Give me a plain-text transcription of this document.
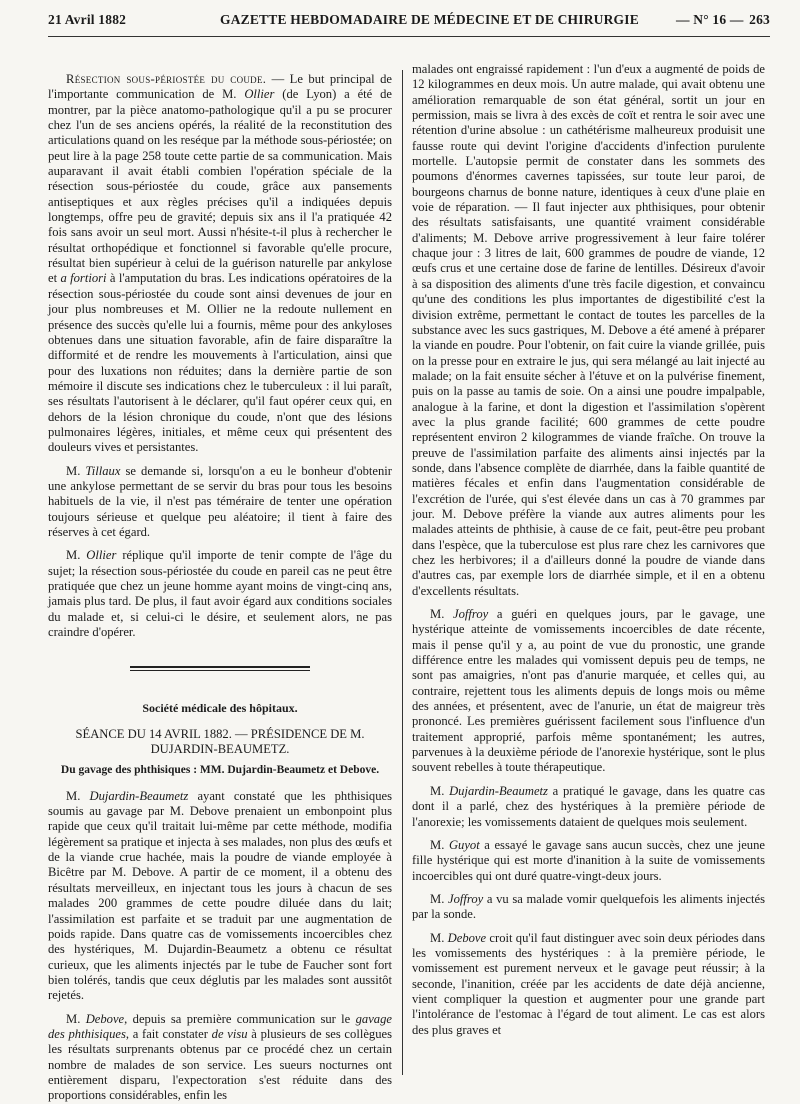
21 Avril 1882	GAZETTE HEBDOMADAIRE DE MÉDECINE ET DE CHIRURGIE	— N° 16 — 263

Résection sous-périostée du coude. — Le but principal de l'importante communication de M. Ollier (de Lyon) a été de montrer, par la pièce anatomo-pathologique qu'il a pu se procurer chez l'un de ses anciens opérés, la réalité de la reconstitution des articulations quand on les reséque par la méthode sous-périostée; on peut lire à la page 258 toute cette partie de sa communication. Mais auparavant il avait établi combien l'opération spéciale de la résection sous-périostée du coude, grâce aux pansements antiseptiques et aux règles précises qu'il a indiquées depuis longtemps, offre peu de gravité; depuis six ans il l'a pratiquée 42 fois sans avoir un seul mort. Aussi n'hésite-t-il plus à rechercher le résultat orthopédique et fonctionnel si favorable qu'elle procure, résultat bien supérieur à celui de la guérison naturelle par ankylose et a fortiori à l'amputation du bras. Les indications opératoires de la résection sous-périostée du coude sont ainsi devenues de jour en jour plus nombreuses et M. Ollier ne la redoute nullement en présence des succès qu'elle lui a fournis, même pour des ankyloses obtenues dans une situation favorable, afin de faire disparaître la difformité et de rendre les mouvements à l'articulation, ainsi que pour des luxations non réduites; dans la dernière partie de son mémoire il discute ses indications chez le tuberculeux : il lui paraît, ses résultats l'autorisent à le déclarer, qu'il faut opérer ceux qui, en dehors de la lésion chronique du coude, n'ont que des lésions pulmonaires légères, initiales, et même ceux qui présentent des douleurs vives et persistantes.

M. Tillaux se demande si, lorsqu'on a eu le bonheur d'obtenir une ankylose permettant de se servir du bras pour tous les besoins habituels de la vie, il n'est pas téméraire de tenter une opération toujours sérieuse et quelque peu aléatoire; il tient à faire des réserves à cet égard.

M. Ollier réplique qu'il importe de tenir compte de l'âge du sujet; la résection sous-périostée du coude en pareil cas ne peut être pratiquée que chez un jeune homme ayant moins de vingt-cinq ans, jamais plus tard. De plus, il faut avoir égard aux conditions sociales du malade et, si celui-ci le désire, et seulement alors, ne pas craindre d'opérer.

Société médicale des hôpitaux.
SÉANCE DU 14 AVRIL 1882. — PRÉSIDENCE DE M. DUJARDIN-BEAUMETZ.
Du gavage des phthisiques : MM. Dujardin-Beaumetz et Debove.

M. Dujardin-Beaumetz ayant constaté que les phthisiques soumis au gavage par M. Debove prenaient un embonpoint plus rapide que ceux qu'il traitait lui-même par cette méthode, modifia légèrement sa pratique et injecta à ses malades, non plus des œufs et de la viande crue hachée, mais la poudre de viande employée à Bicêtre par M. Debove. A partir de ce moment, il a obtenu des résultats merveilleux, en injectant tous les jours à chacun de ses malades 200 grammes de cette poudre diluée dans du lait; l'assimilation est parfaite et se traduit par une augmentation de poids rapide. Dans quatre cas de vomissements incoercibles chez des hystériques, M. Dujardin-Beaumetz a obtenu ce résultat curieux, que les aliments injectés par le tube de Faucher sont fort bien tolérés, tandis que ceux déglutis par les malades sont aussitôt rejetés.

M. Debove, depuis sa première communication sur le gavage des phthisiques, a fait constater de visu à plusieurs de ses collègues les résultats surprenants obtenus par ce procédé chez un certain nombre de malades de son service. Les sueurs nocturnes ont entièrement disparu, l'expectoration s'est réduite dans des proportions considérables, enfin les

malades ont engraissé rapidement : l'un d'eux a augmenté de poids de 12 kilogrammes en deux mois. Un autre malade, qui avait obtenu une amélioration remarquable de son état général, sortit un jour en permission, mais se livra à des excès de coït et rentra le soir avec une rétention d'urine absolue : un cathétérisme malheureux produisit une fausse route qui devint l'origine d'accidents d'infection purulente mortelle. L'autopsie permit de constater dans les sommets des poumons d'énormes cavernes tapissées, sur toute leur paroi, de bourgeons charnus de bonne nature, identiques à ceux d'une plaie en voie de réparation. — Il faut injecter aux phthisiques, pour obtenir des résultats satisfaisants, une quantité vraiment considérable d'aliments; M. Debove arrive progressivement à leur faire tolérer chaque jour : 3 litres de lait, 600 grammes de poudre de viande, 12 œufs crus et une certaine dose de farine de lentilles. Désireux d'avoir à sa disposition des aliments d'une très facile digestion, et convaincu qu'une des conditions les plus importantes de digestibilité c'est la division extrême, permettant le contact de toutes les parcelles de la substance avec les sucs gastriques, M. Debove a été amené à préparer la viande en poudre. Pour l'obtenir, on fait cuire la viande grillée, puis on la presse pour en extraire le jus, qui sera mélangé au lait injecté au malade; on la fait ensuite sécher à l'étuve et on la pulvérise finement, puis on la passe au tamis de soie. On a ainsi une poudre impalpable, analogue à la farine, et dont la digestion et l'assimilation s'opèrent avec la plus grande facilité; 600 grammes de cette poudre représentent environ 2 kilogrammes de viande fraîche. On trouve la preuve de l'assimilation parfaite des aliments ainsi injectés par la sonde, dans l'absence complète de diarrhée, dans la faible quantité de matières fécales et enfin dans l'augmentation considérable de l'excrétion de l'urée, qui s'est élevée dans un cas à 70 grammes par jour. M. Debove préfère la viande aux autres aliments pour les malades atteints de phthisie, à cause de ce fait, peut-être peu probant dans l'espèce, que la tuberculose est plus rare chez les carnivores que chez les herbivores; il a d'ailleurs donné la poudre de viande dans d'autres cas, par exemple lors de diarrhée simple, et il en a obtenu d'excellents résultats.

M. Joffroy a guéri en quelques jours, par le gavage, une hystérique atteinte de vomissements incoercibles de date récente, mais il pense qu'il y a, au point de vue du pronostic, une grande différence entre les malades qui vomissent depuis peu de temps, ne sont pas amaigries, n'ont pas d'anurie marquée, et celles qui, au contraire, rejettent tous les aliments depuis de longs mois ou même des années, et présentent, avec de l'anurie, un état de maigreur très prononcé. Les premières guérissent facilement sous l'influence d'un traitement approprié, parfois même spontanément; les autres, parvenues à la deuxième période de l'anorexie hystérique, sont le plus souvent rebelles à toute thérapeutique.

M. Dujardin-Beaumetz a pratiqué le gavage, dans les quatre cas dont il a parlé, chez des hystériques à la première période de l'anorexie; les vomissements dataient de quelques mois seulement.

M. Guyot a essayé le gavage sans aucun succès, chez une jeune fille hystérique qui est morte d'inanition à la suite de vomissements incoercibles qui ont duré quatre-vingt-deux jours.

M. Joffroy a vu sa malade vomir quelquefois les aliments injectés par la sonde.

M. Debove croit qu'il faut distinguer avec soin deux périodes dans les vomissements des hystériques : à la première période, le vomissement est purement nerveux et le gavage peut réussir; à la seconde, l'inanition, créée par les accidents de date déjà ancienne, vient compliquer la question et augmenter pour une grande part l'intolérance de l'estomac à l'égard de tout aliment. Le cas est alors des plus graves et
